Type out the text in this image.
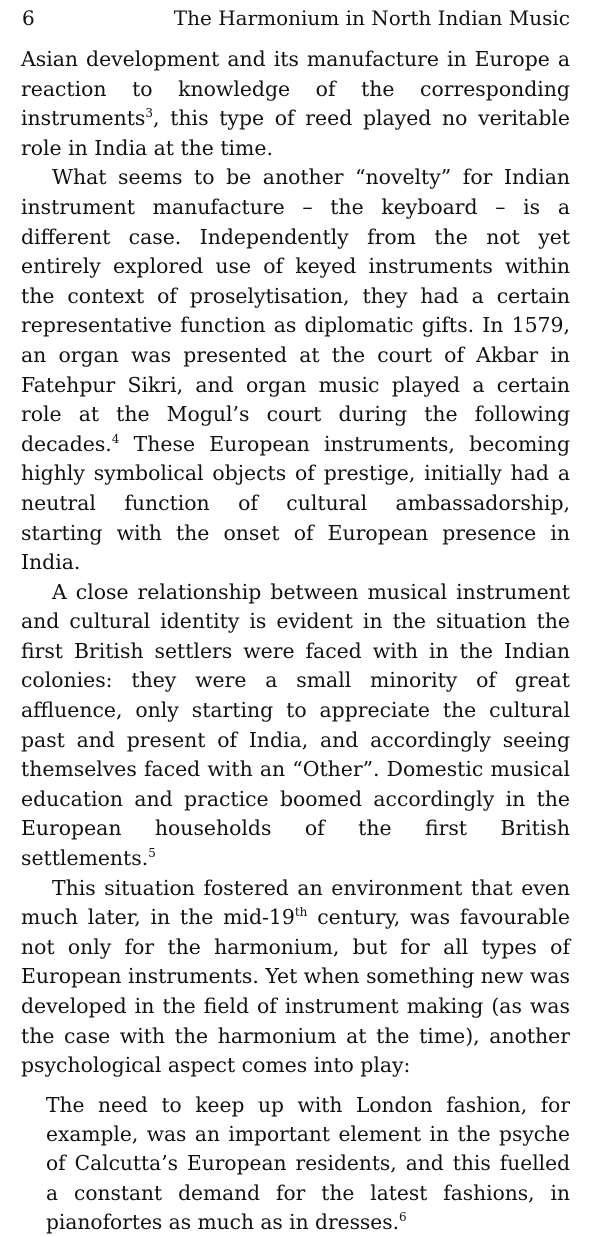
6	The Harmonium in North Indian Music

Asian development and its manufacture in Europe a reaction to knowledge of the corresponding instruments$^3$, this type of reed played no veritable role in India at the time.

What seems to be another “novelty” for Indian instrument manufacture – the keyboard – is a different case. Independently from the not yet entirely explored use of keyed instruments within the context of proselytisation, they had a certain representative function as diplomatic gifts. In 1579, an organ was presented at the court of Akbar in Fatehpur Sikri, and organ music played a certain role at the Mogul’s court during the following decades.$^4$ These European instruments, becoming highly symbolical objects of prestige, initially had a neutral function of cultural ambassadorship, starting with the onset of European presence in India.

A close relationship between musical instrument and cultural identity is evident in the situation the first British settlers were faced with in the Indian colonies: they were a small minority of great affluence, only starting to appreciate the cultural past and present of India, and accordingly seeing themselves faced with an “Other”. Domestic musical education and practice boomed accordingly in the European households of the first British settlements.$^5$

This situation fostered an environment that even much later, in the mid-19th century, was favourable not only for the harmonium, but for all types of European instruments. Yet when something new was developed in the field of instrument making (as was the case with the harmonium at the time), another psychological aspect comes into play:

The need to keep up with London fashion, for example, was an important element in the psyche of Calcutta’s European residents, and this fuelled a constant demand for the latest fashions, in pianofortes as much as in dresses.$^6$
